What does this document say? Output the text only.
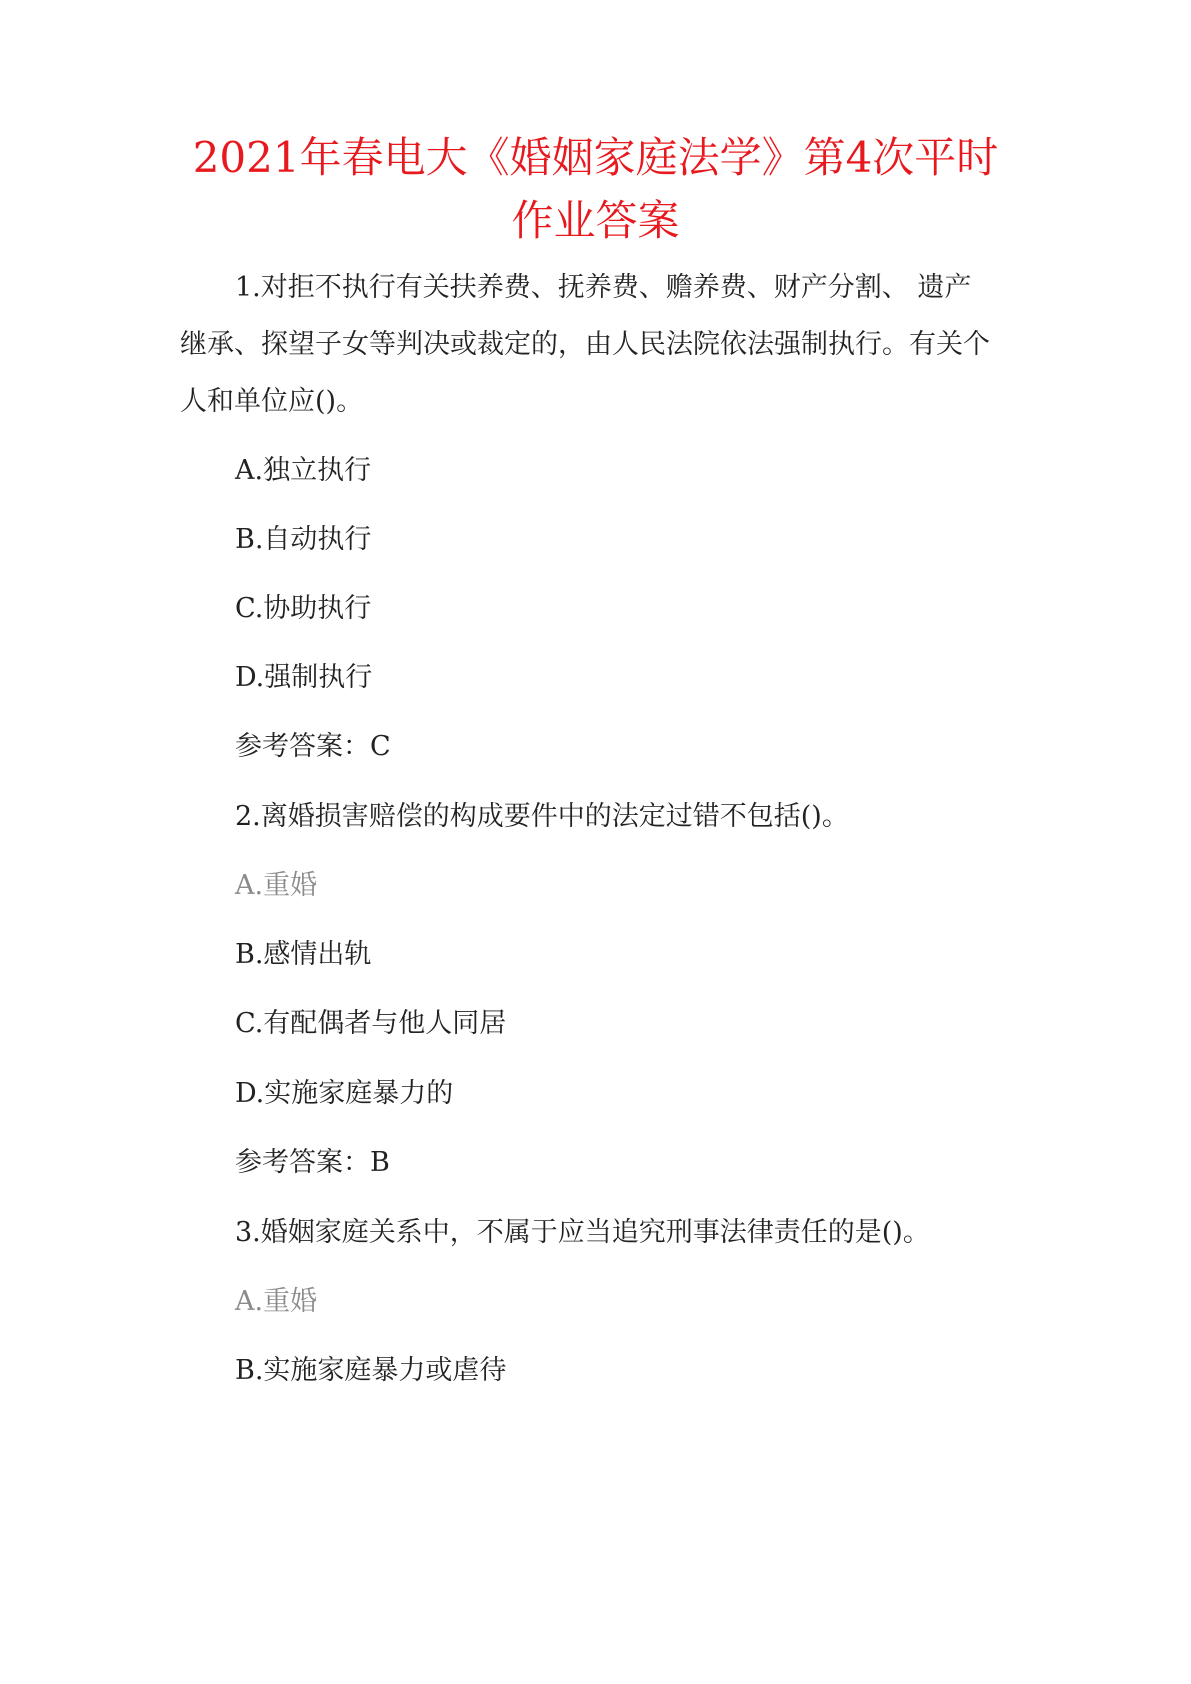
2021年春电大《婚姻家庭法学》第4次平时
作业答案
1.对拒不执行有关扶养费、抚养费、赡养费、财产分割、 遗产
继承、探望子女等判决或裁定的，由人民法院依法强制执行。有关个
人和单位应()。
A.独立执行
B.自动执行
C.协助执行
D.强制执行
参考答案：C
2.离婚损害赔偿的构成要件中的法定过错不包括()。
A.重婚
B.感情出轨
C.有配偶者与他人同居
D.实施家庭暴力的
参考答案：B
3.婚姻家庭关系中，不属于应当追究刑事法律责任的是()。
A.重婚
B.实施家庭暴力或虐待
